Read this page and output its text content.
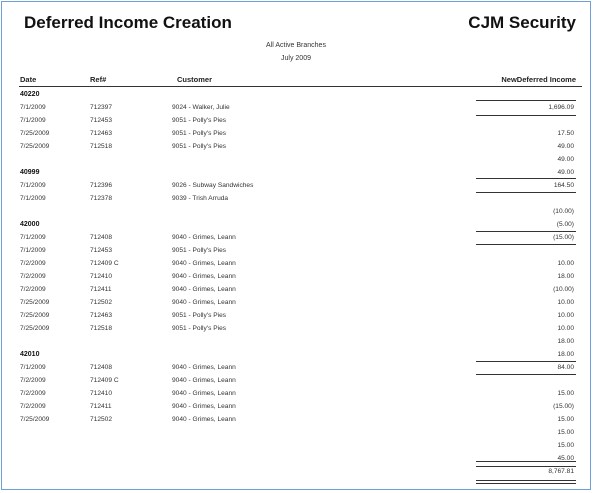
Deferred Income Creation	CJM Security
All Active Branches
July 2009
Date	Ref#	Customer	NewDeferred Income
40220
7/1/2009	712397	9024 - Walker, Julie	1,696.09
7/1/2009	712453	9051 - Polly's Pies
7/25/2009	712463	9051 - Polly's Pies	17.50
7/25/2009	712518	9051 - Polly's Pies	49.00
49.00
40999	49.00
7/1/2009	712396	9026 - Subway Sandwiches	164.50
7/1/2009	712378	9039 - Trish Arruda
(10.00)
42000	(5.00)
7/1/2009	712408	9040 - Grimes, Leann	(15.00)
7/1/2009	712453	9051 - Polly's Pies
7/2/2009	712409 C	9040 - Grimes, Leann	10.00
7/2/2009	712410	9040 - Grimes, Leann	18.00
7/2/2009	712411	9040 - Grimes, Leann	(10.00)
7/25/2009	712502	9040 - Grimes, Leann	10.00
7/25/2009	712463	9051 - Polly's Pies	10.00
7/25/2009	712518	9051 - Polly's Pies	10.00
18.00
42010	18.00
7/1/2009	712408	9040 - Grimes, Leann	84.00
7/2/2009	712409 C	9040 - Grimes, Leann
7/2/2009	712410	9040 - Grimes, Leann	15.00
7/2/2009	712411	9040 - Grimes, Leann	(15.00)
7/25/2009	712502	9040 - Grimes, Leann	15.00
15.00
15.00
45.00
8,767.81
